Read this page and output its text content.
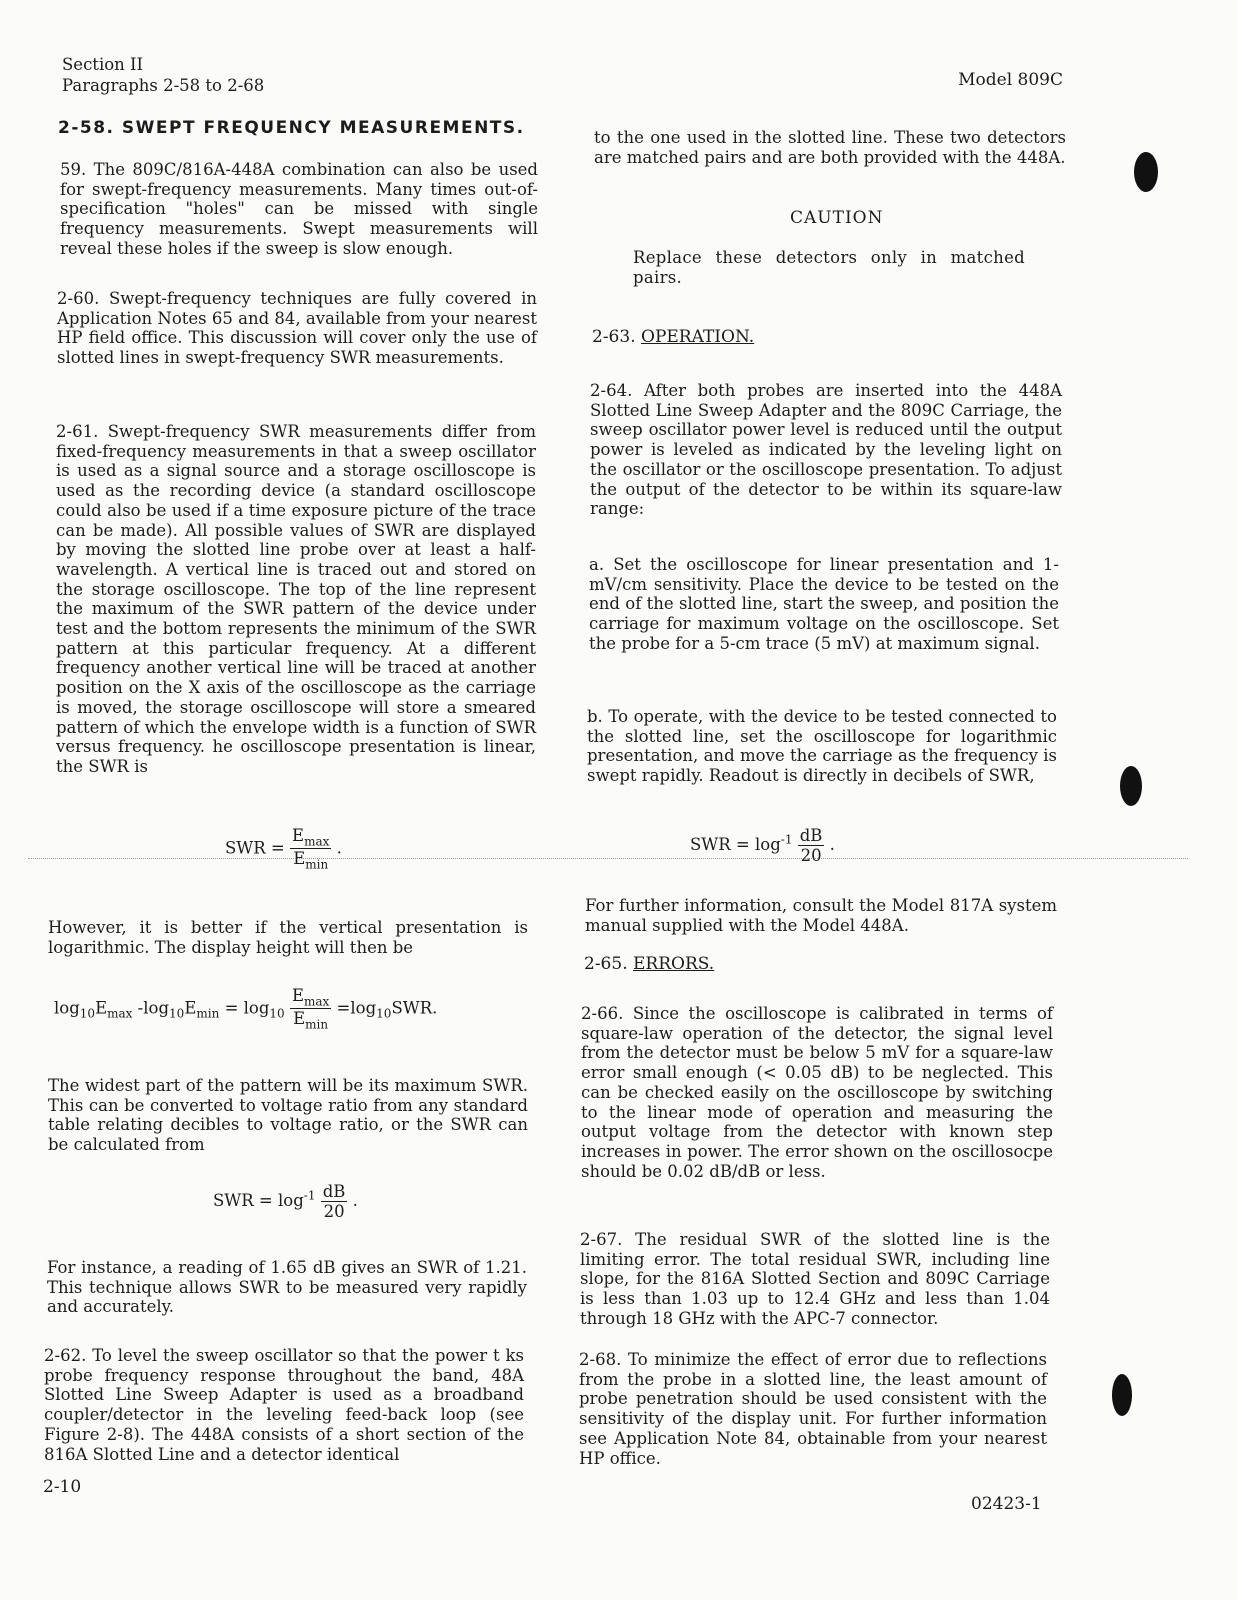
Section II
Paragraphs 2-58 to 2-68	Model 809C
2-58. SWEPT FREQUENCY MEASUREMENTS.

59. The 809C/816A-448A combination can also be used for swept-frequency measurements. Many times out-of-specification "holes" can be missed with single frequency measurements. Swept measurements will reveal these holes if the sweep is slow enough.

2-60. Swept-frequency techniques are fully covered in Application Notes 65 and 84, available from your nearest HP field office. This discussion will cover only the use of slotted lines in swept-frequency SWR measurements.

2-61. Swept-frequency SWR measurements differ from fixed-frequency measurements in that a sweep oscillator is used as a signal source and a storage oscilloscope is used as the recording device (a standard oscilloscope could also be used if a time exposure picture of the trace can be made). All possible values of SWR are displayed by moving the slotted line probe over at least a half-wavelength. A vertical line is traced out and stored on the storage oscilloscope. The top of the line represent the maximum of the SWR pattern of the device under test and the bottom represents the minimum of the SWR pattern at this particular frequency. At a different frequency another vertical line will be traced at another position on the X axis of the oscilloscope as the carriage is moved, the storage oscilloscope will store a smeared pattern of which the envelope width is a function of SWR versus frequency. he oscilloscope presentation is linear, the SWR is

SWR = $\frac{E_{max}}{E_{min}}$ .

However, it is better if the vertical presentation is logarithmic. The display height will then be

$\log_{10}E_{max}$ $-\log_{10}E_{min} = \log_{10} \frac{E_{max}}{E_{min}} =\log_{10}SWR$.

The widest part of the pattern will be its maximum SWR. This can be converted to voltage ratio from any standard table relating decibles to voltage ratio, or the SWR can be calculated from

SWR = $\log^{-1} \frac{dB}{20}$ .

For instance, a reading of 1.65 dB gives an SWR of 1.21. This technique allows SWR to be measured very rapidly and accurately.

2-62. To level the sweep oscillator so that the power t ks probe frequency response throughout the band, 48A Slotted Line Sweep Adapter is used as a broadband coupler/detector in the leveling feed-back loop (see Figure 2-8). The 448A consists of a short section of the 816A Slotted Line and a detector identical

to the one used in the slotted line. These two detectors are matched pairs and are both provided with the 448A.

CAUTION

Replace these detectors only in matched pairs.

2-63. OPERATION.

2-64. After both probes are inserted into the 448A Slotted Line Sweep Adapter and the 809C Carriage, the sweep oscillator power level is reduced until the output power is leveled as indicated by the leveling light on the oscillator or the oscilloscope presentation. To adjust the output of the detector to be within its square-law range:

a. Set the oscilloscope for linear presentation and 1-mV/cm sensitivity. Place the device to be tested on the end of the slotted line, start the sweep, and position the carriage for maximum voltage on the oscilloscope. Set the probe for a 5-cm trace (5 mV) at maximum signal.

b. To operate, with the device to be tested connected to the slotted line, set the oscilloscope for logarithmic presentation, and move the carriage as the frequency is swept rapidly. Readout is directly in decibels of SWR,

SWR = $\log^{-1} \frac{dB}{20}$ .

For further information, consult the Model 817A system manual supplied with the Model 448A.

2-65. ERRORS.

2-66. Since the oscilloscope is calibrated in terms of square-law operation of the detector, the signal level from the detector must be below 5 mV for a square-law error small enough (< 0.05 dB) to be neglected. This can be checked easily on the oscilloscope by switching to the linear mode of operation and measuring the output voltage from the detector with known step increases in power. The error shown on the oscillosocpe should be 0.02 dB/dB or less.

2-67. The residual SWR of the slotted line is the limiting error. The total residual SWR, including line slope, for the 816A Slotted Section and 809C Carriage is less than 1.03 up to 12.4 GHz and less than 1.04 through 18 GHz with the APC-7 connector.

2-68. To minimize the effect of error due to reflections from the probe in a slotted line, the least amount of probe penetration should be used consistent with the sensitivity of the display unit. For further information see Application Note 84, obtainable from your nearest HP office.

2-10
02423-1
